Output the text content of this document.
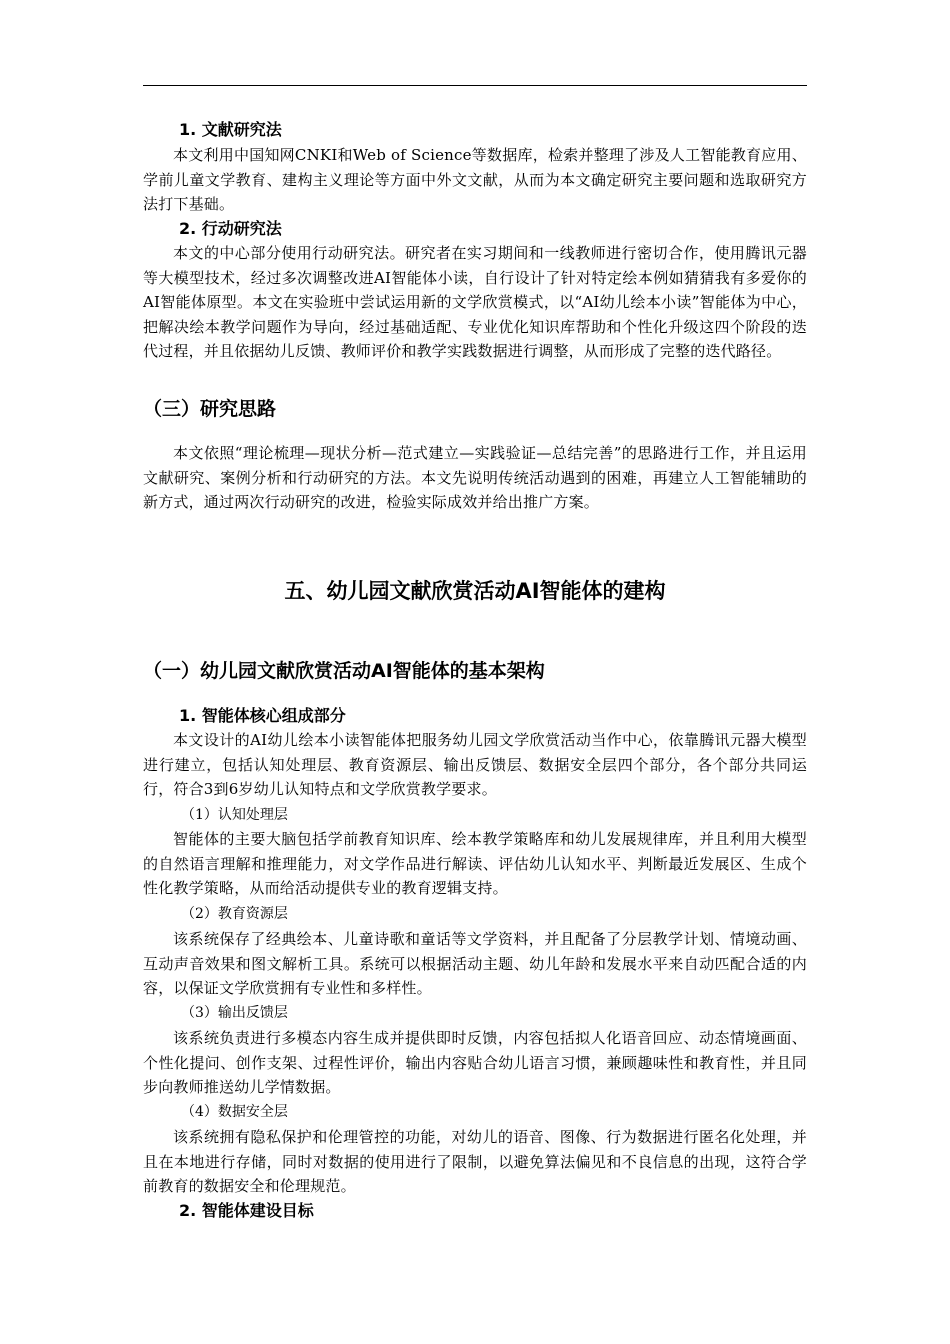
1. 文献研究法

本文利用中国知网CNKI和Web of Science等数据库，检索并整理了涉及人工智能教育应用、学前儿童文学教育、建构主义理论等方面中外文文献，从而为本文确定研究主要问题和选取研究方法打下基础。

2. 行动研究法

本文的中心部分使用行动研究法。研究者在实习期间和一线教师进行密切合作，使用腾讯元器等大模型技术，经过多次调整改进AI智能体小读，自行设计了针对特定绘本例如猜猜我有多爱你的AI智能体原型。本文在实验班中尝试运用新的文学欣赏模式，以“AI幼儿绘本小读”智能体为中心，把解决绘本教学问题作为导向，经过基础适配、专业优化知识库帮助和个性化升级这四个阶段的迭代过程，并且依据幼儿反馈、教师评价和教学实践数据进行调整，从而形成了完整的迭代路径。

（三）研究思路

本文依照“理论梳理—现状分析—范式建立—实践验证—总结完善”的思路进行工作，并且运用文献研究、案例分析和行动研究的方法。本文先说明传统活动遇到的困难，再建立人工智能辅助的新方式，通过两次行动研究的改进，检验实际成效并给出推广方案。

五、幼儿园文献欣赏活动AI智能体的建构
（一）幼儿园文献欣赏活动AI智能体的基本架构
1. 智能体核心组成部分

本文设计的AI幼儿绘本小读智能体把服务幼儿园文学欣赏活动当作中心，依靠腾讯元器大模型进行建立，包括认知处理层、教育资源层、输出反馈层、数据安全层四个部分，各个部分共同运行，符合3到6岁幼儿认知特点和文学欣赏教学要求。

（1）认知处理层

智能体的主要大脑包括学前教育知识库、绘本教学策略库和幼儿发展规律库，并且利用大模型的自然语言理解和推理能力，对文学作品进行解读、评估幼儿认知水平、判断最近发展区、生成个性化教学策略，从而给活动提供专业的教育逻辑支持。

（2）教育资源层

该系统保存了经典绘本、儿童诗歌和童话等文学资料，并且配备了分层教学计划、情境动画、互动声音效果和图文解析工具。系统可以根据活动主题、幼儿年龄和发展水平来自动匹配合适的内容，以保证文学欣赏拥有专业性和多样性。

（3）输出反馈层

该系统负责进行多模态内容生成并提供即时反馈，内容包括拟人化语音回应、动态情境画面、个性化提问、创作支架、过程性评价，输出内容贴合幼儿语言习惯，兼顾趣味性和教育性，并且同步向教师推送幼儿学情数据。

（4）数据安全层

该系统拥有隐私保护和伦理管控的功能，对幼儿的语音、图像、行为数据进行匿名化处理，并且在本地进行存储，同时对数据的使用进行了限制，以避免算法偏见和不良信息的出现，这符合学前教育的数据安全和伦理规范。

2. 智能体建设目标
